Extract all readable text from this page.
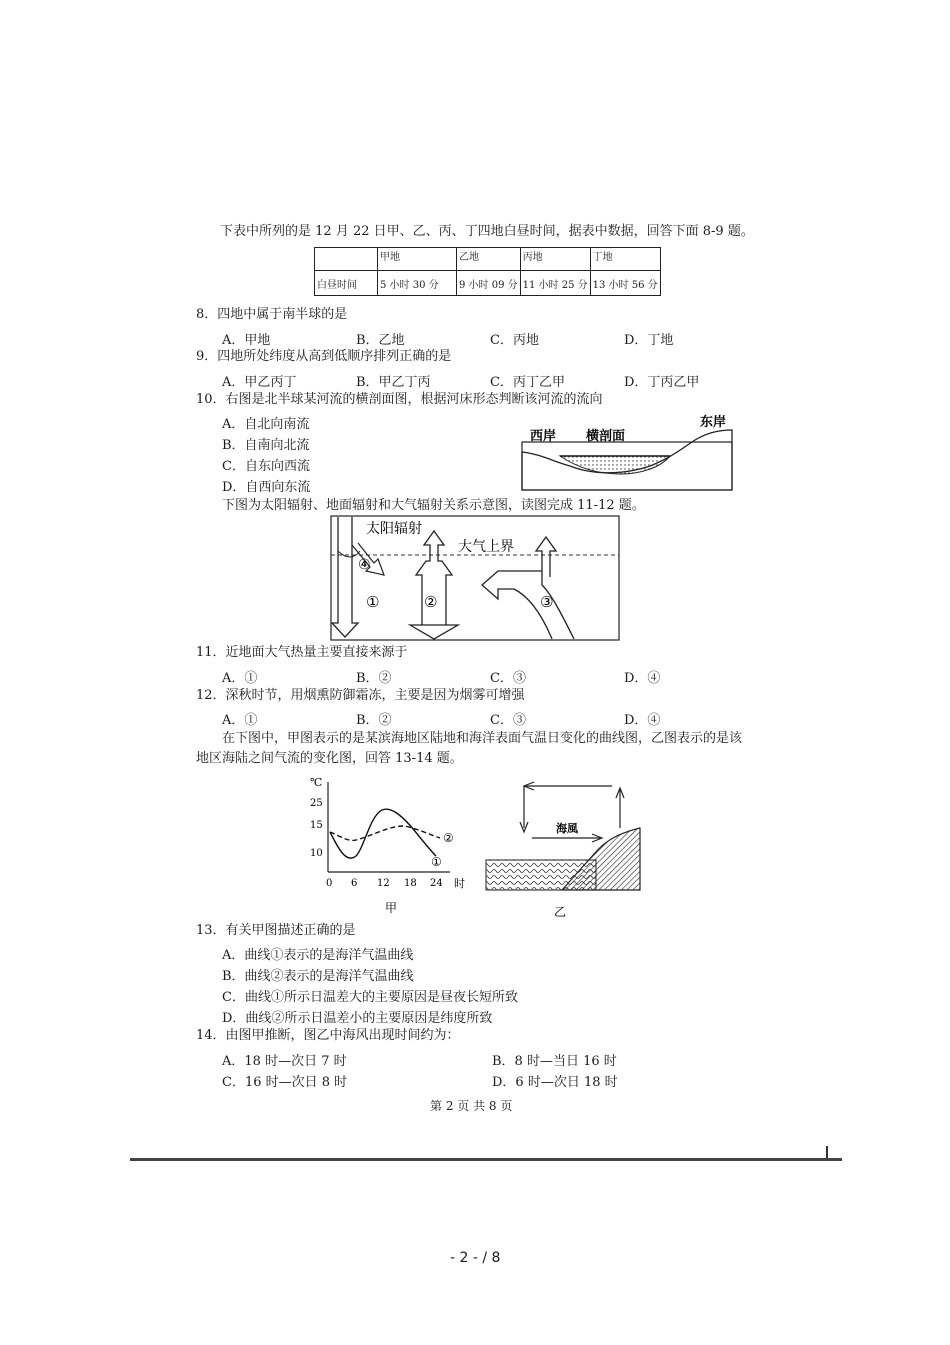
下表中所列的是 12 月 22 日甲、乙、丙、丁四地白昼时间，据表中数据，回答下面 8-9 题。
	甲地	乙地	丙地	丁地
白昼时间	5 小时 30 分	9 小时 09 分	11 小时 25 分	13 小时 56 分
8．四地中属于南半球的是
A．甲地	B．乙地	C．丙地	D．丁地
9．四地所处纬度从高到低顺序排列正确的是
A．甲乙丙丁	B．甲乙丁丙	C．丙丁乙甲	D．丁丙乙甲
10．右图是北半球某河流的横剖面图，根据河床形态判断该河流的流向
A．自北向南流
B．自南向北流
C．自东向西流
D．自西向东流
西岸 横剖面
东岸
下图为太阳辐射、地面辐射和大气辐射关系示意图，读图完成 11-12 题。
太阳辐射
大气上界
④
①	②	③
11．近地面大气热量主要直接来源于
A．①	B．②	C．③	D．④
12．深秋时节，用烟熏防御霜冻，主要是因为烟雾可增强
A．①	B．②	C．③	D．④
在下图中，甲图表示的是某滨海地区陆地和海洋表面气温日变化的曲线图，乙图表示的是该
地区海陆之间气流的变化图，回答 13-14 题。
℃
25
15
10
0 6 12 18 24 时
①
②
甲
海風
乙
13．有关甲图描述正确的是
A．曲线①表示的是海洋气温曲线
B．曲线②表示的是海洋气温曲线
C．曲线①所示日温差大的主要原因是昼夜长短所致
D．曲线②所示日温差小的主要原因是纬度所致
14．由图甲推断，图乙中海风出现时间约为：
A．18 时—次日 7 时	B．8 时—当日 16 时
C．16 时—次日 8 时	D．6 时—次日 18 时
第 2 页 共 8 页
- 2 - / 8
